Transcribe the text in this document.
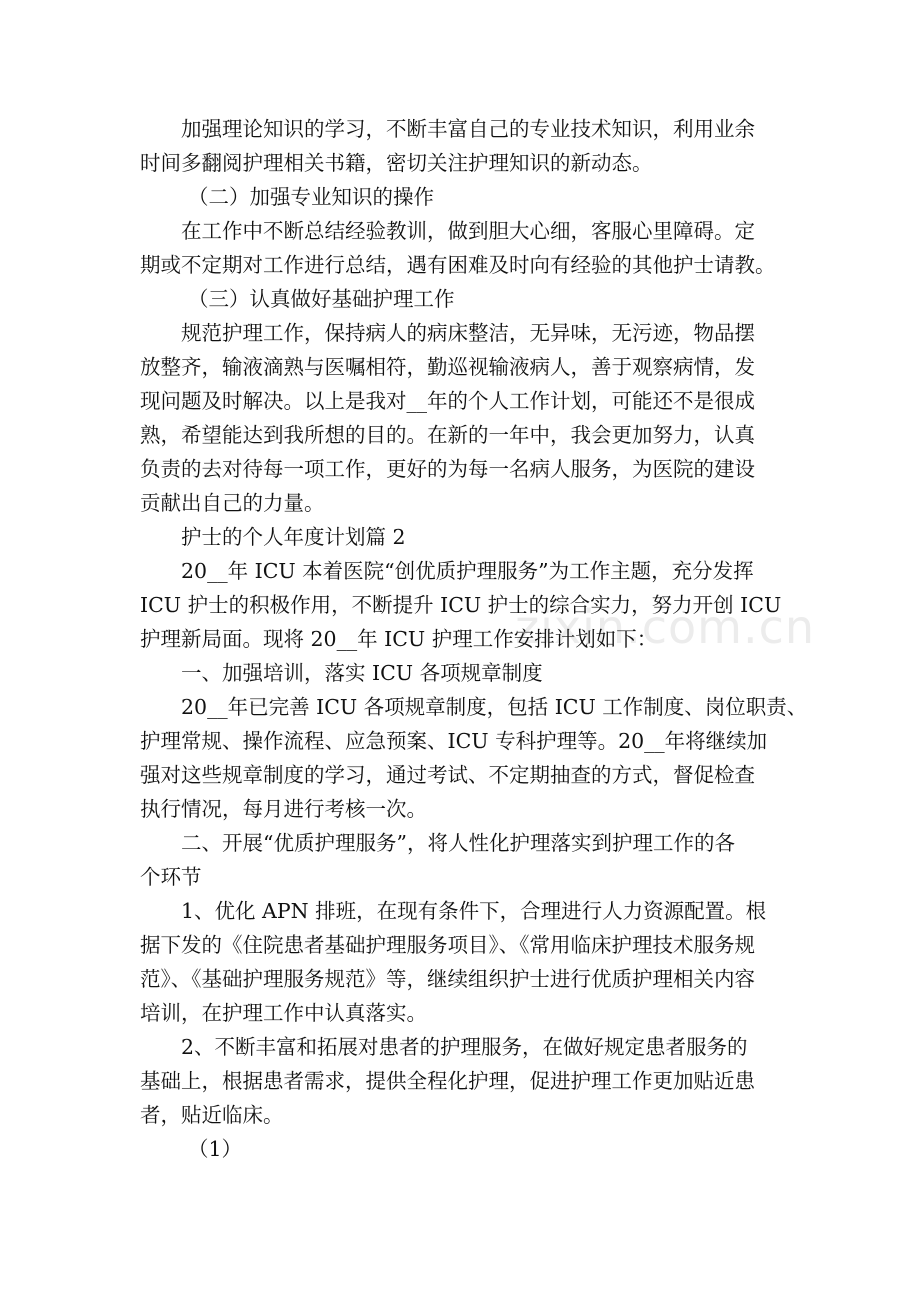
zixin.com.cn

加强理论知识的学习，不断丰富自己的专业技术知识，利用业余
时间多翻阅护理相关书籍，密切关注护理知识的新动态。

（二）加强专业知识的操作

在工作中不断总结经验教训，做到胆大心细，客服心里障碍。定
期或不定期对工作进行总结，遇有困难及时向有经验的其他护士请教。

（三）认真做好基础护理工作

规范护理工作，保持病人的病床整洁，无异味，无污迹，物品摆
放整齐，输液滴熟与医嘱相符，勤巡视输液病人，善于观察病情，发
现问题及时解决。以上是我对__年的个人工作计划，可能还不是很成
熟，希望能达到我所想的目的。在新的一年中，我会更加努力，认真
负责的去对待每一项工作，更好的为每一名病人服务，为医院的建设
贡献出自己的力量。

护士的个人年度计划篇 2

20__年 ICU 本着医院“创优质护理服务”为工作主题，充分发挥
ICU 护士的积极作用，不断提升 ICU 护士的综合实力，努力开创 ICU
护理新局面。现将 20__年 ICU 护理工作安排计划如下：

一、加强培训，落实 ICU 各项规章制度

20__年已完善 ICU 各项规章制度，包括 ICU 工作制度、岗位职责、
护理常规、操作流程、应急预案、ICU 专科护理等。20__年将继续加
强对这些规章制度的学习，通过考试、不定期抽查的方式，督促检查
执行情况，每月进行考核一次。

二、开展“优质护理服务”，将人性化护理落实到护理工作的各
个环节

1、优化 APN 排班，在现有条件下，合理进行人力资源配置。根
据下发的《住院患者基础护理服务项目》、《常用临床护理技术服务规
范》、《基础护理服务规范》等，继续组织护士进行优质护理相关内容
培训，在护理工作中认真落实。

2、不断丰富和拓展对患者的护理服务，在做好规定患者服务的
基础上，根据患者需求，提供全程化护理，促进护理工作更加贴近患
者，贴近临床。

（1）
